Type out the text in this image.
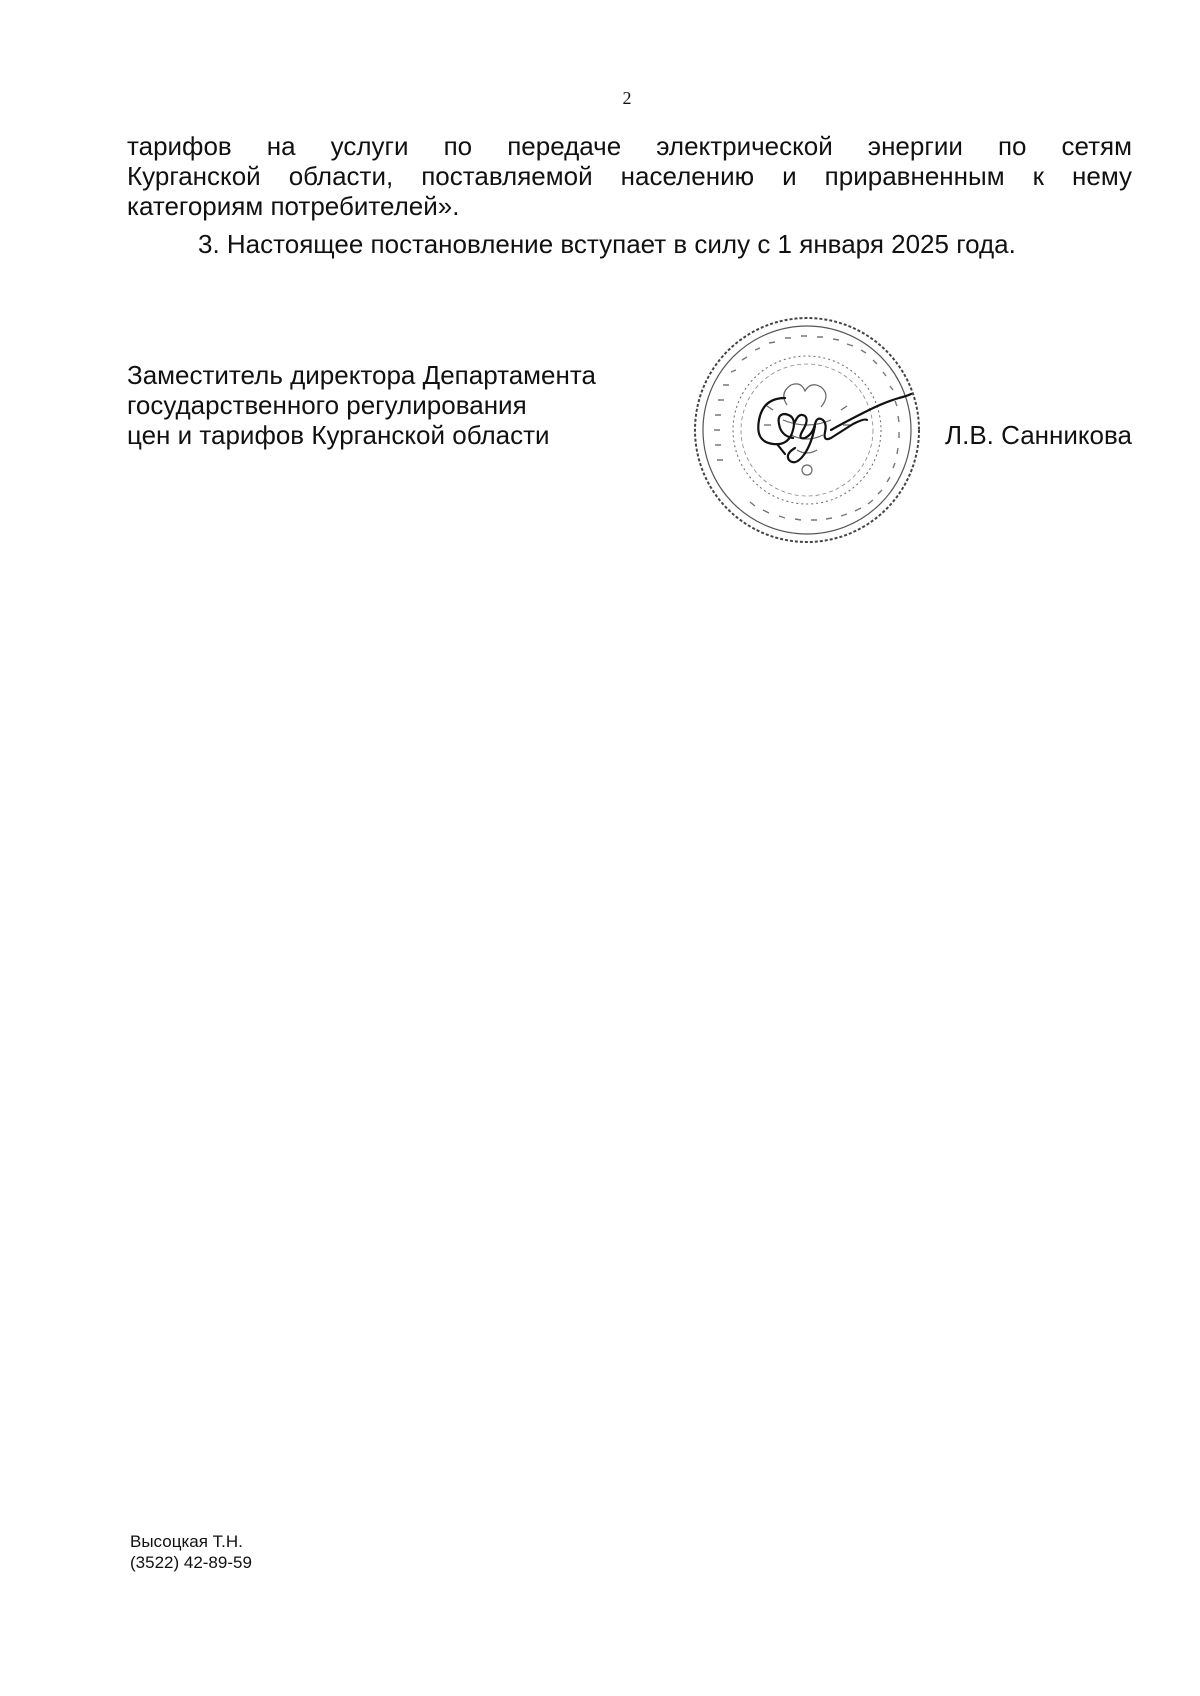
2

тарифов на услуги по передаче электрической энергии по сетям
Курганской области, поставляемой населению и приравненным к нему
категориям потребителей».

3. Настоящее постановление вступает в силу с 1 января 2025 года.

Заместитель директора Департамента
государственного регулирования
цен и тарифов Курганской области	Л.В. Санникова
Высоцкая Т.Н.
(3522) 42-89-59
